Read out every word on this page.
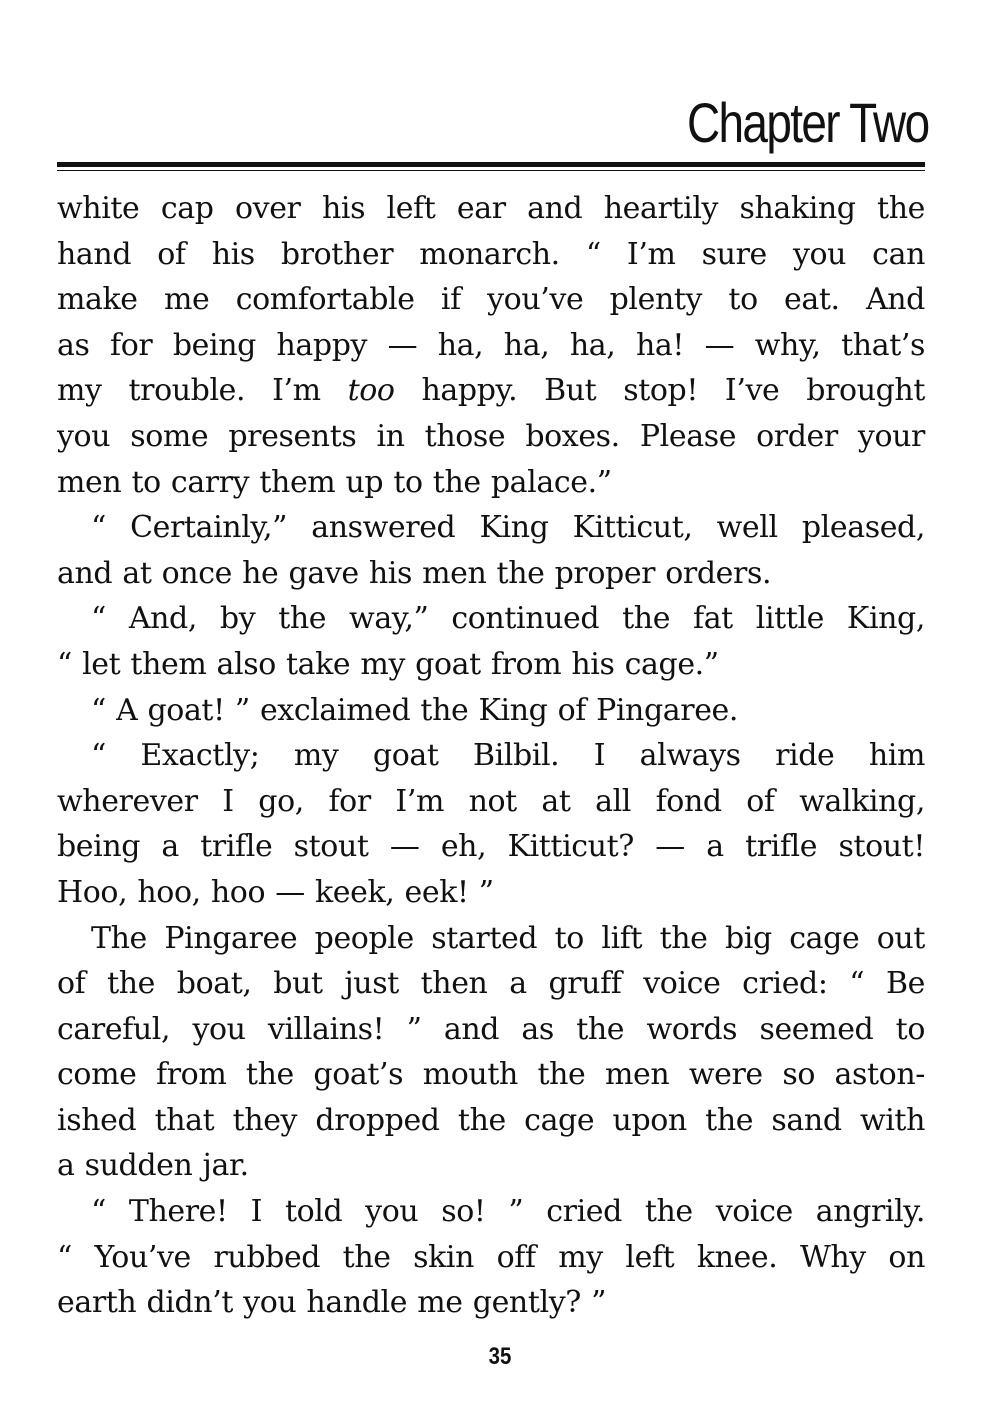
Chapter Two
white cap over his left ear and heartily shaking the
hand of his brother monarch. “ I’m sure you can
make me comfortable if you’ve plenty to eat. And
as for being happy — ha, ha, ha, ha! — why, that’s
my trouble. I’m too happy. But stop! I’ve brought
you some presents in those boxes. Please order your
men to carry them up to the palace.”
“ Certainly,” answered King Kitticut, well pleased,
and at once he gave his men the proper orders.
“ And, by the way,” continued the fat little King,
“ let them also take my goat from his cage.”
“ A goat! ” exclaimed the King of Pingaree.
“ Exactly; my goat Bilbil. I always ride him
wherever I go, for I’m not at all fond of walking,
being a trifle stout — eh, Kitticut? — a trifle stout!
Hoo, hoo, hoo — keek, eek! ”
The Pingaree people started to lift the big cage out
of the boat, but just then a gruff voice cried: “ Be
careful, you villains! ” and as the words seemed to
come from the goat’s mouth the men were so aston-
ished that they dropped the cage upon the sand with
a sudden jar.
“ There! I told you so! ” cried the voice angrily.
“ You’ve rubbed the skin off my left knee. Why on
earth didn’t you handle me gently? ”
35
